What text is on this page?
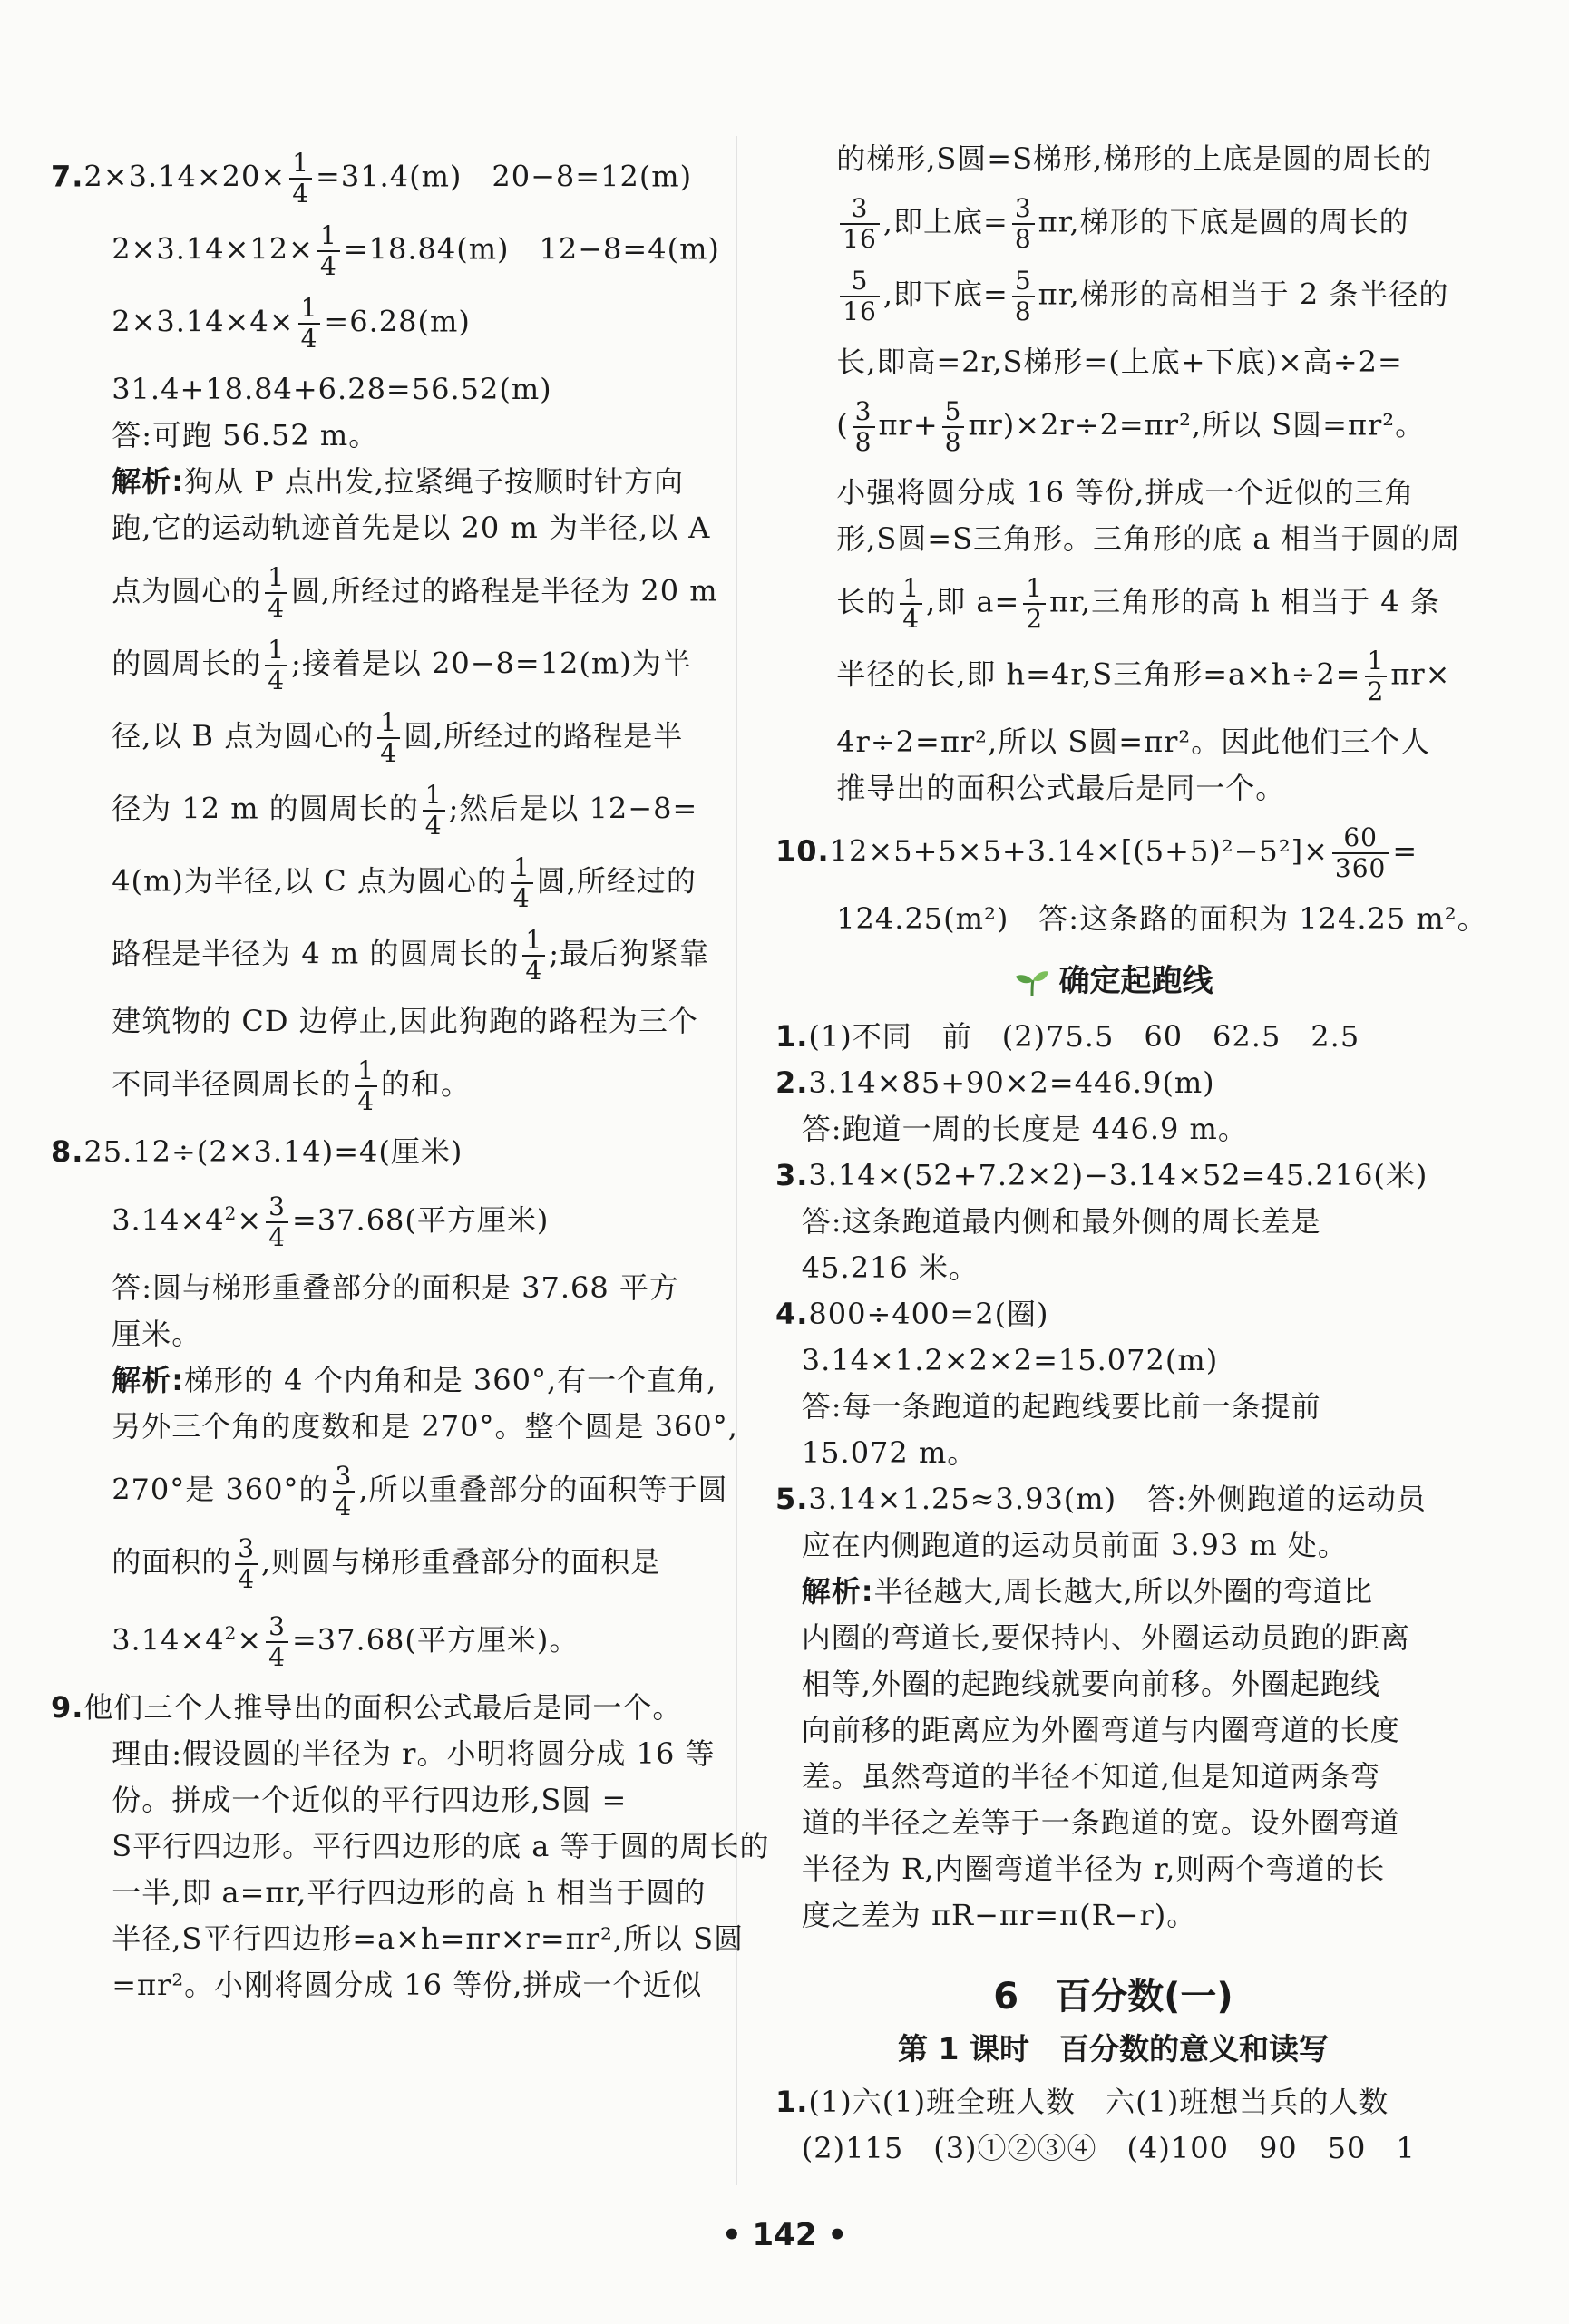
$7.2\times 3.14\times 20\times \frac{1}{4} =31.4(m)$　20−8=12(m)
$2\times 3.14\times 12\times \frac{1}{4} =18.84(m)$　12−8=4(m)
$2\times 3.14\times 4\times \frac{1}{4} =6.28(m)$
31.4+18.84+6.28=56.52(m)
答:可跑 56.52 m。
解析:狗从 P 点出发,拉紧绳子按顺时针方向
跑,它的运动轨迹首先是以 20 m 为半径,以 A
点为圆心的 $\frac{1}{4}$ 圆,所经过的路程是半径为 20 m
的圆周长的 $\frac{1}{4}$ ;接着是以 20−8=12(m)为半
径,以 B 点为圆心的 $\frac{1}{4}$ 圆,所经过的路程是半
径为 12 m 的圆周长的 $\frac{1}{4}$ ;然后是以 12−8=
4(m)为半径,以 C 点为圆心的 $\frac{1}{4}$ 圆,所经过的
路程是半径为 4 m 的圆周长的 $\frac{1}{4}$ ;最后狗紧靠
建筑物的 CD 边停止,因此狗跑的路程为三个
不同半径圆周长的 $\frac{1}{4}$ 的和。
8.25.12÷(2×3.14)=4(厘米)
$3.14\times 4^2\times \frac{3}{4} =37.68$(平方厘米)
答:圆与梯形重叠部分的面积是 37.68 平方
厘米。
解析:梯形的 4 个内角和是 360°,有一个直角,
另外三个角的度数和是 270°。整个圆是 360°,
270°是 360°的 $\frac{3}{4}$ ,所以重叠部分的面积等于圆
的面积的 $\frac{3}{4}$ ,则圆与梯形重叠部分的面积是
$3.14\times 4^2\times \frac{3}{4} =37.68$(平方厘米)。
9.他们三个人推导出的面积公式最后是同一个。
理由:假设圆的半径为 r。小明将圆分成 16 等
份。拼成一个近似的平行四边形,S圆 =
S平行四边形。平行四边形的底 a 等于圆的周长的
一半,即 a=πr,平行四边形的高 h 相当于圆的
半径,S平行四边形=a×h=πr×r=πr²,所以 S圆
=πr²。小刚将圆分成 16 等份,拼成一个近似
的梯形,S圆=S梯形,梯形的上底是圆的周长的
$\frac{3}{16}$ ,即上底= $\frac{3}{8} \pi r$,梯形的下底是圆的周长的
$\frac{5}{16}$ ,即下底= $\frac{5}{8} \pi r$,梯形的高相当于 2 条半径的
长,即高=2r,S梯形=(上底+下底)×高÷2=
( $\frac{3}{8} \pi r+ \frac{5}{8} \pi r)\times 2r\div 2=\pi r^2$,所以 S圆=πr²。
小强将圆分成 16 等份,拼成一个近似的三角
形,S圆=S三角形。三角形的底 a 相当于圆的周
长的 $\frac{1}{4}$ ,即 $a= \frac{1}{2} \pi r$,三角形的高 h 相当于 4 条
半径的长,即 h=4r,S三角形$=a\times h\div 2= \frac{1}{2} \pi r\times$
4r÷2=πr²,所以 S圆=πr²。因此他们三个人
推导出的面积公式最后是同一个。
$10.12\times 5+5\times 5+3.14\times[(5+5)^2-5^2]\times \frac{60}{360}$ =
124.25(m²)　答:这条路的面积为 124.25 m²。
确定起跑线
1.(1)不同　前　(2)75.5　60　62.5　2.5
2.3.14×85+90×2=446.9(m)
答:跑道一周的长度是 446.9 m。
3.3.14×(52+7.2×2)−3.14×52=45.216(米)
答:这条跑道最内侧和最外侧的周长差是
45.216 米。
4.800÷400=2(圈)
3.14×1.2×2×2=15.072(m)
答:每一条跑道的起跑线要比前一条提前
15.072 m。
5.3.14×1.25≈3.93(m)　答:外侧跑道的运动员
应在内侧跑道的运动员前面 3.93 m 处。
解析:半径越大,周长越大,所以外圈的弯道比
内圈的弯道长,要保持内、外圈运动员跑的距离
相等,外圈的起跑线就要向前移。外圈起跑线
向前移的距离应为外圈弯道与内圈弯道的长度
差。虽然弯道的半径不知道,但是知道两条弯
道的半径之差等于一条跑道的宽。设外圈弯道
半径为 R,内圈弯道半径为 r,则两个弯道的长
度之差为 πR−πr=π(R−r)。
6　百分数(一)
第 1 课时　百分数的意义和读写
1.(1)六(1)班全班人数　六(1)班想当兵的人数
(2)115　(3)①②③④　(4)100　90　50　1
• 142 •
